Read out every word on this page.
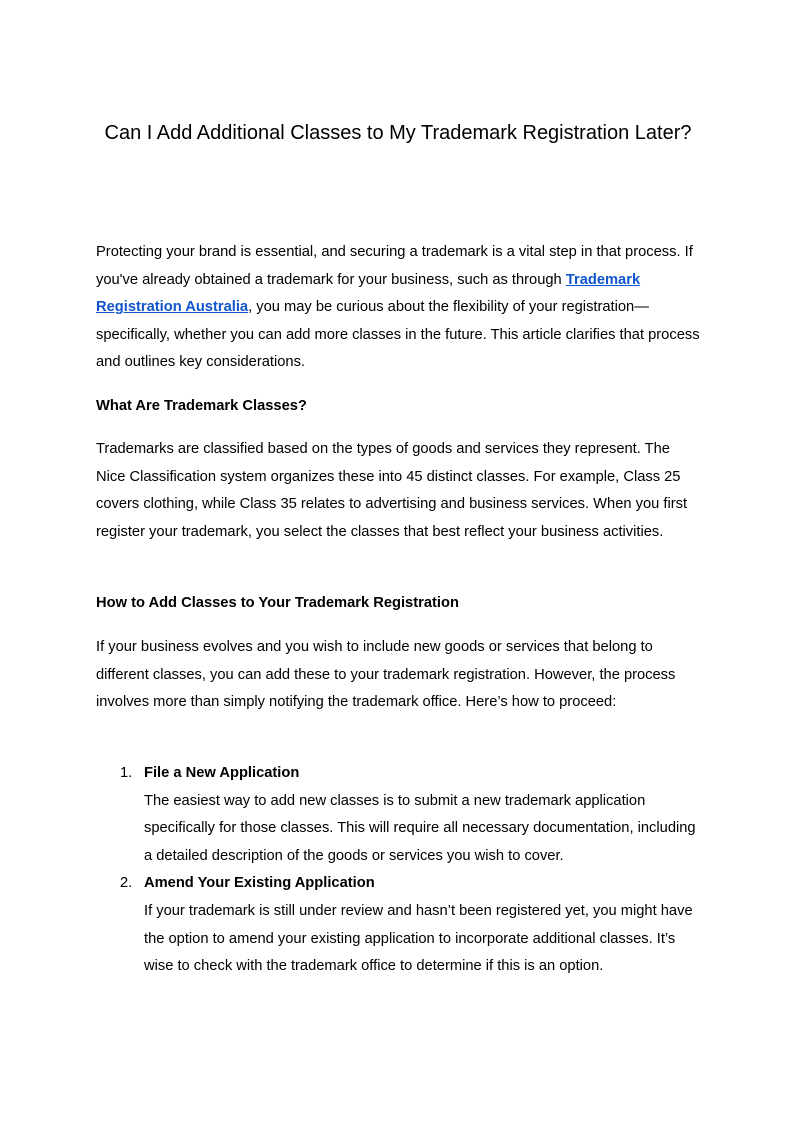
Can I Add Additional Classes to My Trademark Registration Later?

Protecting your brand is essential, and securing a trademark is a vital step in that process. If you've already obtained a trademark for your business, such as through Trademark Registration Australia, you may be curious about the flexibility of your registration—specifically, whether you can add more classes in the future. This article clarifies that process and outlines key considerations.

What Are Trademark Classes?

Trademarks are classified based on the types of goods and services they represent. The Nice Classification system organizes these into 45 distinct classes. For example, Class 25 covers clothing, while Class 35 relates to advertising and business services. When you first register your trademark, you select the classes that best reflect your business activities.

How to Add Classes to Your Trademark Registration

If your business evolves and you wish to include new goods or services that belong to different classes, you can add these to your trademark registration. However, the process involves more than simply notifying the trademark office. Here’s how to proceed:

1. File a New Application
The easiest way to add new classes is to submit a new trademark application specifically for those classes. This will require all necessary documentation, including a detailed description of the goods or services you wish to cover.
2. Amend Your Existing Application
If your trademark is still under review and hasn’t been registered yet, you might have the option to amend your existing application to incorporate additional classes. It’s wise to check with the trademark office to determine if this is an option.
